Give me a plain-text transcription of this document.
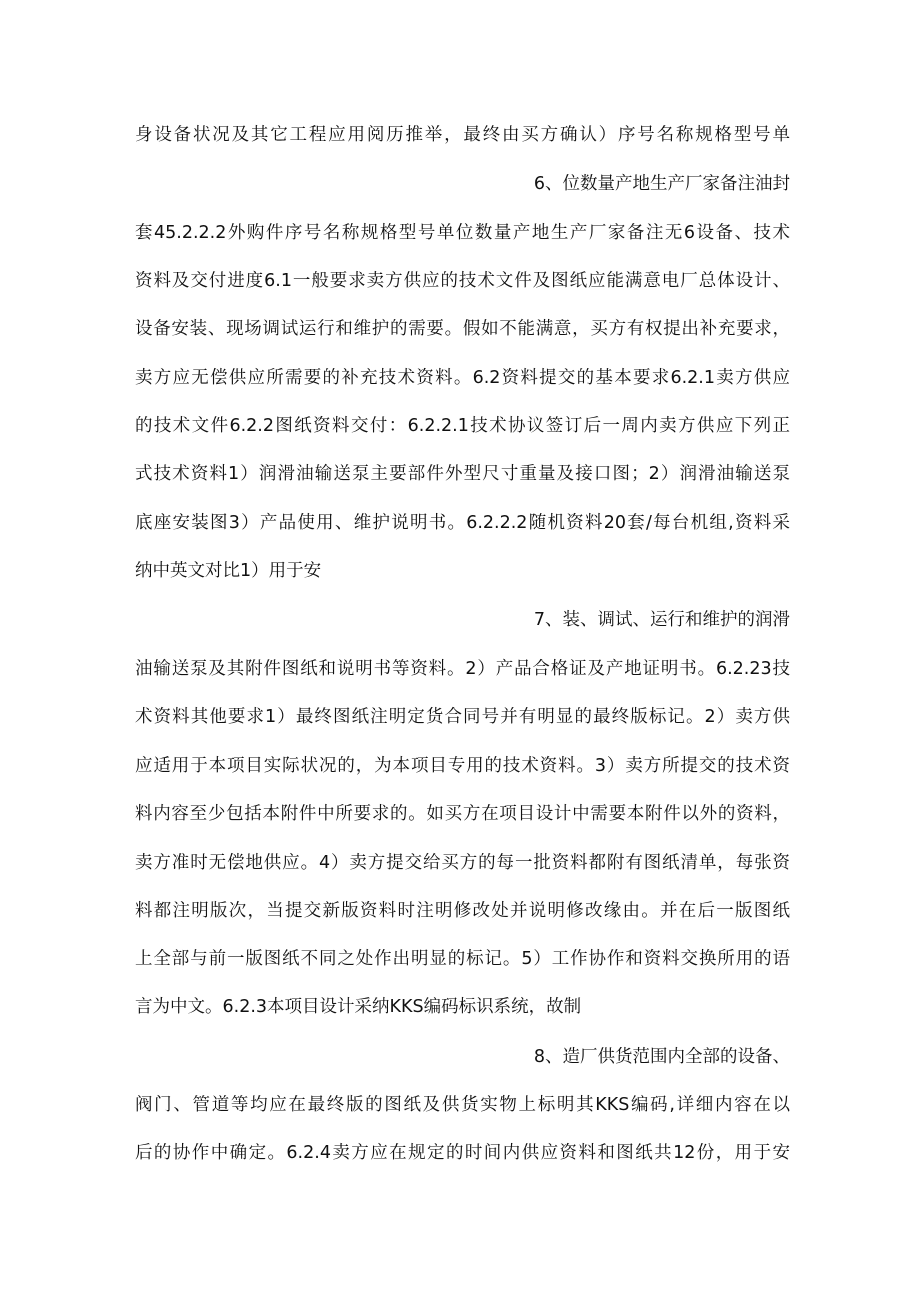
身设备状况及其它工程应用阅历推举，最终由买方确认）序号名称规格型号单
6、位数量产地生产厂家备注油封
套45.2.2.2外购件序号名称规格型号单位数量产地生产厂家备注无6设备、技术
资料及交付进度6.1一般要求卖方供应的技术文件及图纸应能满意电厂总体设计、
设备安装、现场调试运行和维护的需要。假如不能满意，买方有权提出补充要求，
卖方应无偿供应所需要的补充技术资料。6.2资料提交的基本要求6.2.1卖方供应
的技术文件6.2.2图纸资料交付：6.2.2.1技术协议签订后一周内卖方供应下列正
式技术资料1）润滑油输送泵主要部件外型尺寸重量及接口图；2）润滑油输送泵
底座安装图3）产品使用、维护说明书。6.2.2.2随机资料20套/每台机组,资料采
纳中英文对比1）用于安
7、装、调试、运行和维护的润滑
油输送泵及其附件图纸和说明书等资料。2）产品合格证及产地证明书。6.2.23技
术资料其他要求1）最终图纸注明定货合同号并有明显的最终版标记。2）卖方供
应适用于本项目实际状况的，为本项目专用的技术资料。3）卖方所提交的技术资
料内容至少包括本附件中所要求的。如买方在项目设计中需要本附件以外的资料，
卖方准时无偿地供应。4）卖方提交给买方的每一批资料都附有图纸清单，每张资
料都注明版次，当提交新版资料时注明修改处并说明修改缘由。并在后一版图纸
上全部与前一版图纸不同之处作出明显的标记。5）工作协作和资料交换所用的语
言为中文。6.2.3本项目设计采纳KKS编码标识系统，故制
8、造厂供货范围内全部的设备、
阀门、管道等均应在最终版的图纸及供货实物上标明其KKS编码,详细内容在以
后的协作中确定。6.2.4卖方应在规定的时间内供应资料和图纸共12份，用于安
